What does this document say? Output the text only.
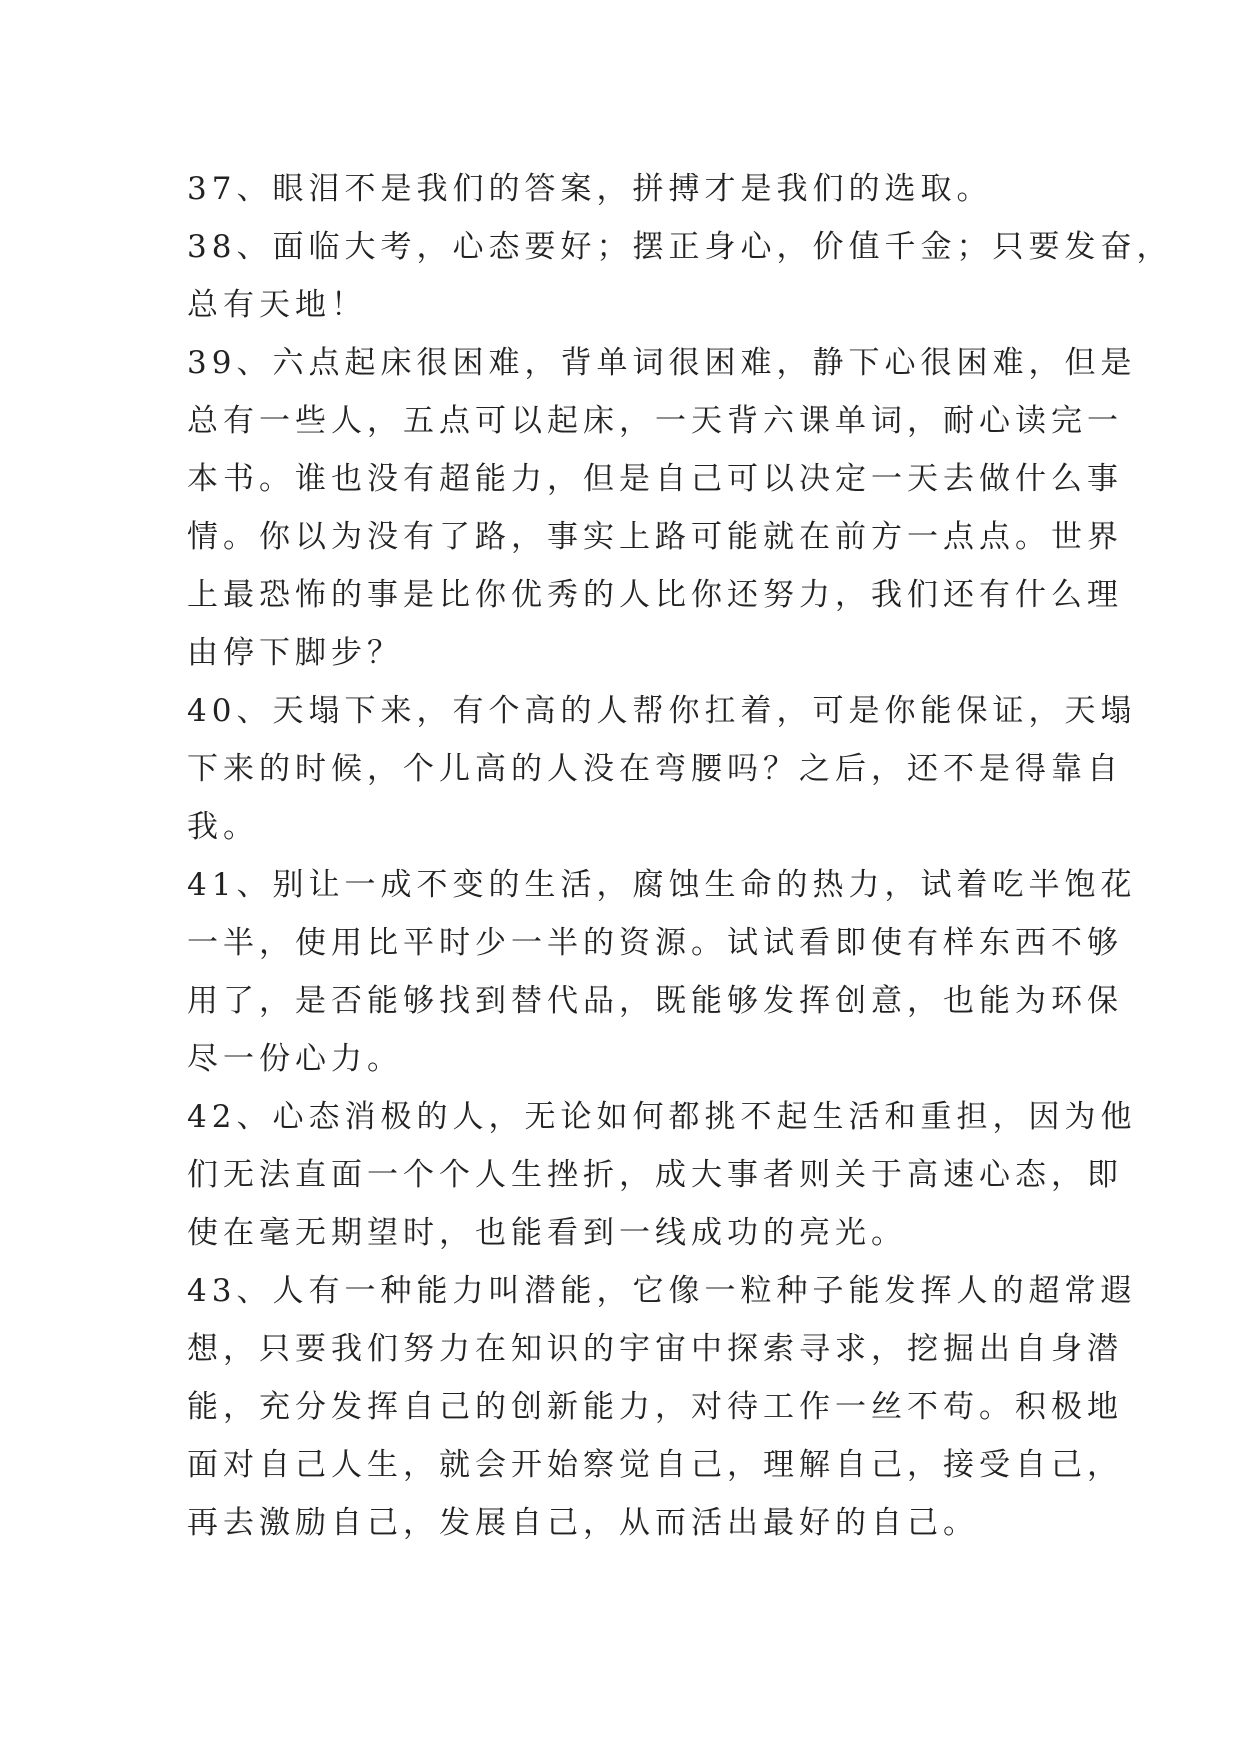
37、眼泪不是我们的答案，拼搏才是我们的选取。
38、面临大考，心态要好；摆正身心，价值千金；只要发奋，
总有天地！
39、六点起床很困难，背单词很困难，静下心很困难，但是
总有一些人，五点可以起床，一天背六课单词，耐心读完一
本书。谁也没有超能力，但是自己可以决定一天去做什么事
情。你以为没有了路，事实上路可能就在前方一点点。世界
上最恐怖的事是比你优秀的人比你还努力，我们还有什么理
由停下脚步？
40、天塌下来，有个高的人帮你扛着，可是你能保证，天塌
下来的时候，个儿高的人没在弯腰吗？之后，还不是得靠自
我。
41、别让一成不变的生活，腐蚀生命的热力，试着吃半饱花
一半，使用比平时少一半的资源。试试看即使有样东西不够
用了，是否能够找到替代品，既能够发挥创意，也能为环保
尽一份心力。
42、心态消极的人，无论如何都挑不起生活和重担，因为他
们无法直面一个个人生挫折，成大事者则关于高速心态，即
使在毫无期望时，也能看到一线成功的亮光。
43、人有一种能力叫潜能，它像一粒种子能发挥人的超常遐
想，只要我们努力在知识的宇宙中探索寻求，挖掘出自身潜
能，充分发挥自己的创新能力，对待工作一丝不苟。积极地
面对自己人生，就会开始察觉自己，理解自己，接受自己，
再去激励自己，发展自己，从而活出最好的自己。
